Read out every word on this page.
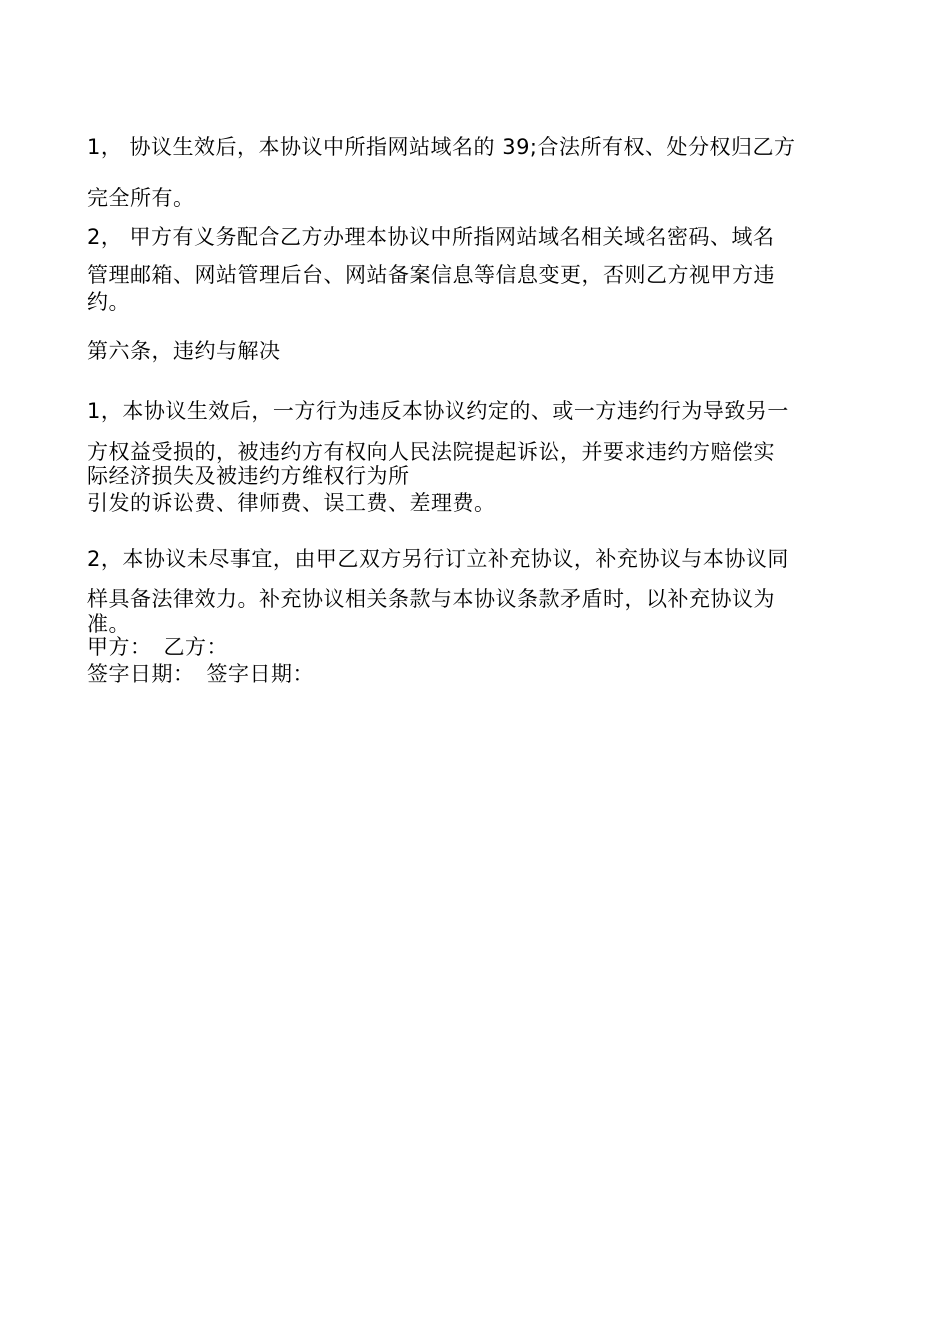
1， 协议生效后，本协议中所指网站域名的 39;合法所有权、处分权归乙方
完全所有。
2， 甲方有义务配合乙方办理本协议中所指网站域名相关域名密码、域名
管理邮箱、网站管理后台、网站备案信息等信息变更，否则乙方视甲方违
约。
第六条，违约与解决
1，本协议生效后，一方行为违反本协议约定的、或一方违约行为导致另一
方权益受损的，被违约方有权向人民法院提起诉讼，并要求违约方赔偿实
际经济损失及被违约方维权行为所
引发的诉讼费、律师费、误工费、差理费。
2，本协议未尽事宜，由甲乙双方另行订立补充协议，补充协议与本协议同
样具备法律效力。补充协议相关条款与本协议条款矛盾时，以补充协议为
准。
甲方： 乙方：
签字日期： 签字日期：
